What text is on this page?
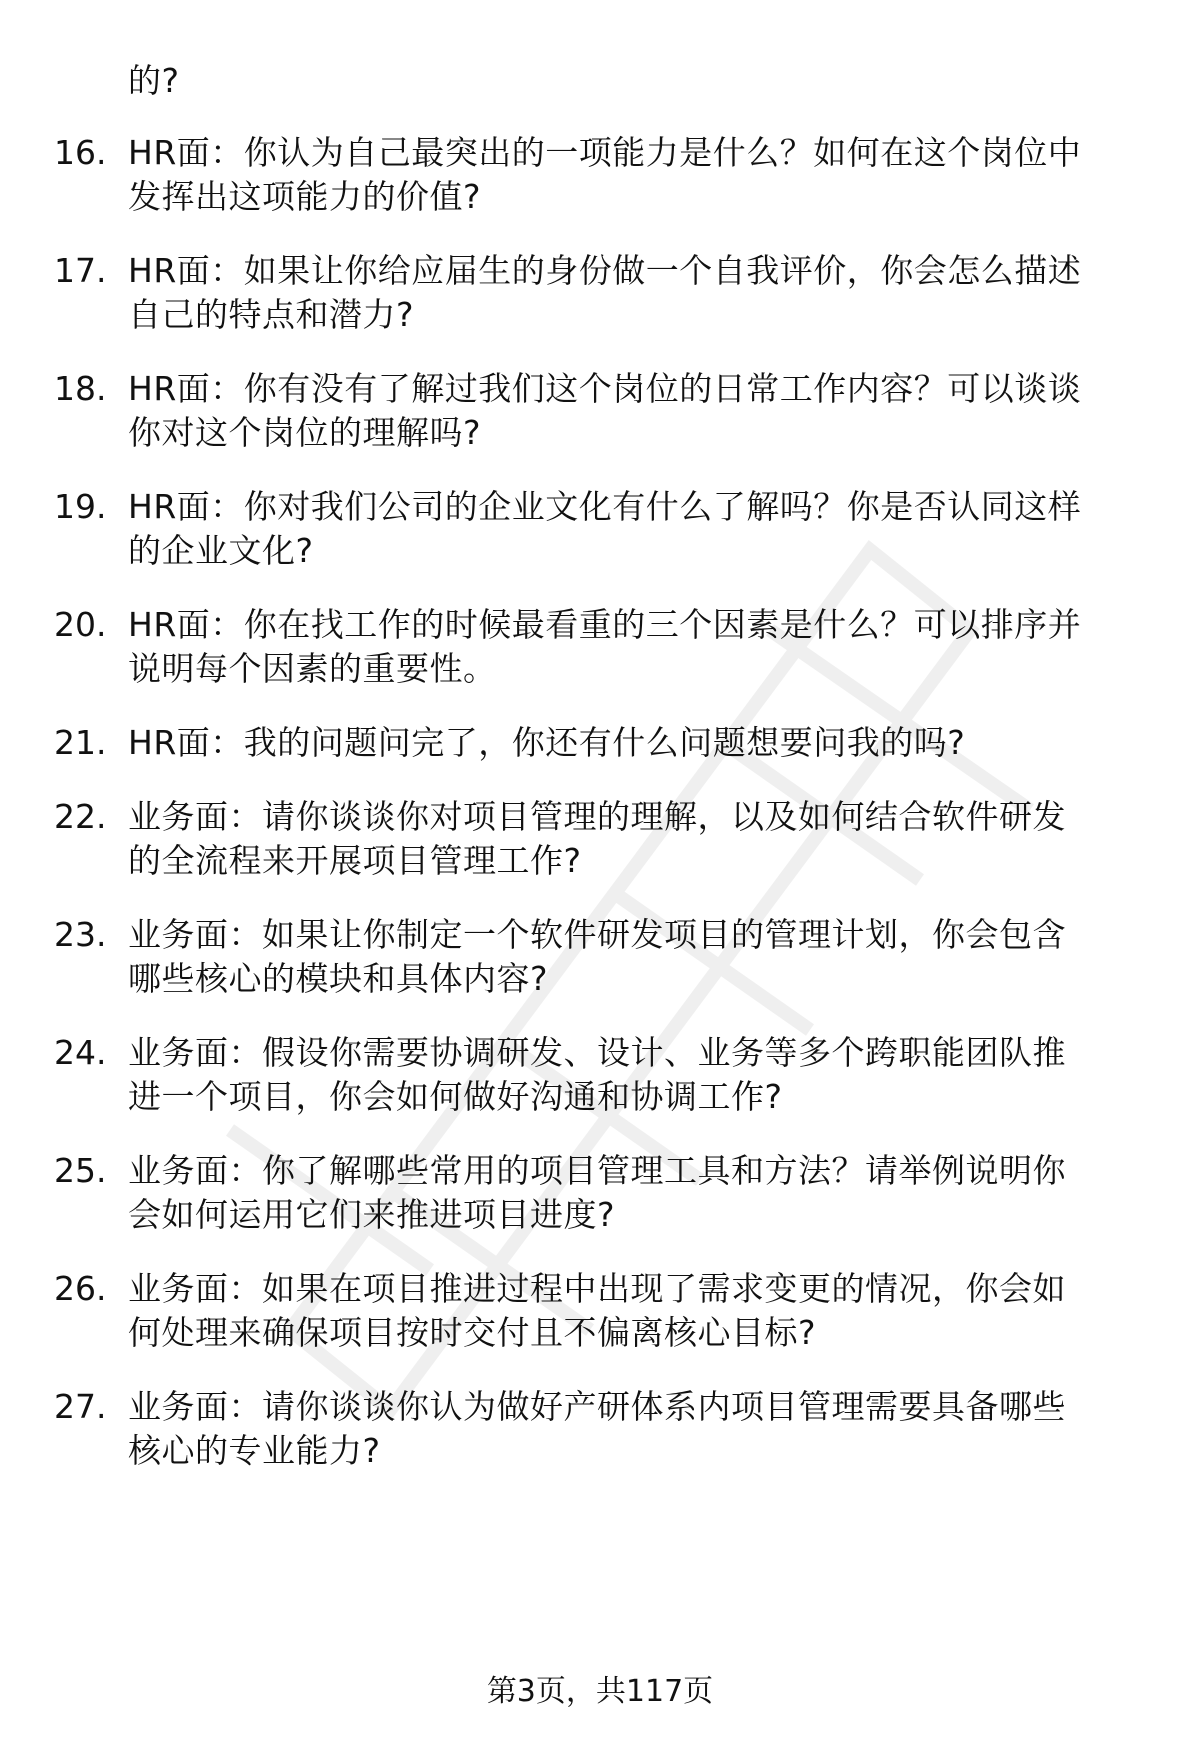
的?
16. HR面：你认为自己最突出的一项能力是什么？如何在这个岗位中
发挥出这项能力的价值?
17. HR面：如果让你给应届生的身份做一个自我评价，你会怎么描述
自己的特点和潜力?
18. HR面：你有没有了解过我们这个岗位的日常工作内容？可以谈谈
你对这个岗位的理解吗?
19. HR面：你对我们公司的企业文化有什么了解吗？你是否认同这样
的企业文化?
20. HR面：你在找工作的时候最看重的三个因素是什么？可以排序并
说明每个因素的重要性。
21. HR面：我的问题问完了，你还有什么问题想要问我的吗?
22. 业务面：请你谈谈你对项目管理的理解，以及如何结合软件研发
的全流程来开展项目管理工作?
23. 业务面：如果让你制定一个软件研发项目的管理计划，你会包含
哪些核心的模块和具体内容?
24. 业务面：假设你需要协调研发、设计、业务等多个跨职能团队推
进一个项目，你会如何做好沟通和协调工作?
25. 业务面：你了解哪些常用的项目管理工具和方法？请举例说明你
会如何运用它们来推进项目进度?
26. 业务面：如果在项目推进过程中出现了需求变更的情况，你会如
何处理来确保项目按时交付且不偏离核心目标?
27. 业务面：请你谈谈你认为做好产研体系内项目管理需要具备哪些
核心的专业能力?
第3页，共117页
